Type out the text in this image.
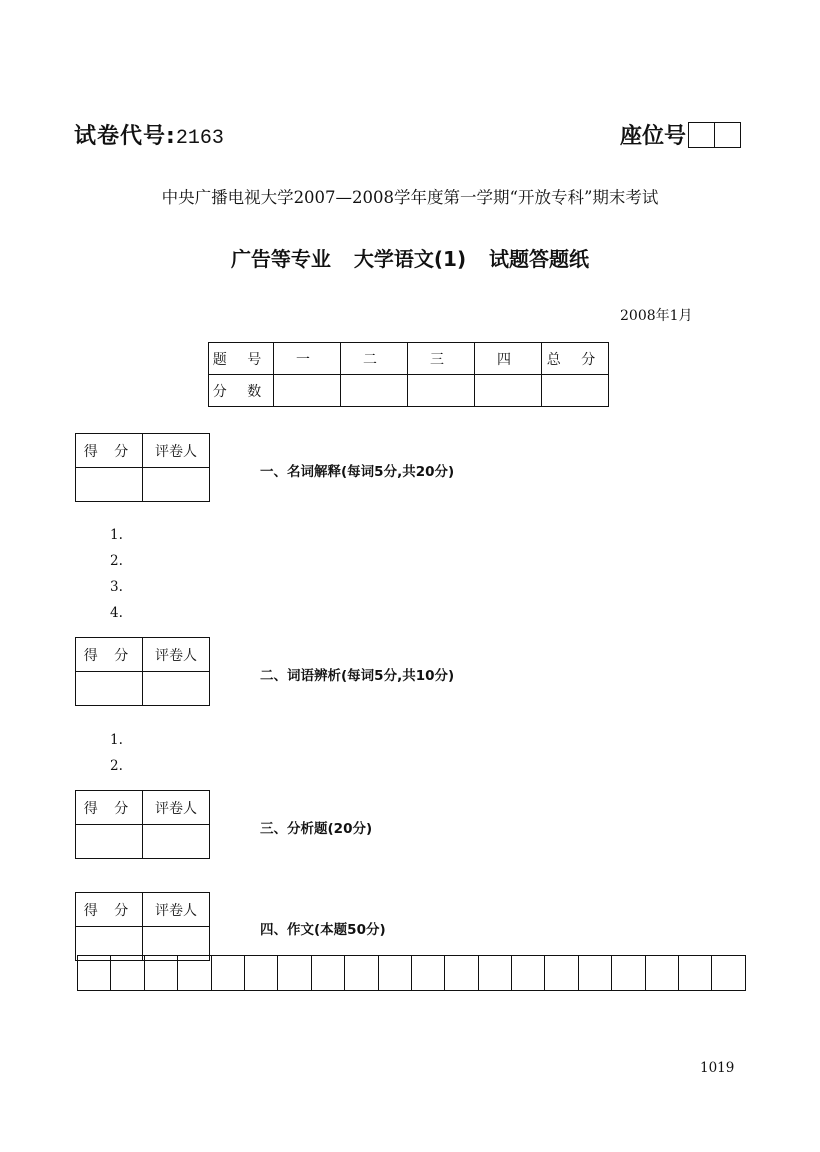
试卷代号:2163	座位号
中央广播电视大学2007—2008学年度第一学期“开放专科”期末考试
广告等专业 大学语文(1) 试题答题纸
2008年1月
题 号	一	二	三	四	总 分
分 数					
得 分	评卷人

一、名词解释(每词5分,共20分)
1.
2.
3.
4.
得 分	评卷人

二、词语辨析(每词5分,共10分)
1.
2.
得 分	评卷人

三、分析题(20分)
得 分	评卷人

四、作文(本题50分)
1019
